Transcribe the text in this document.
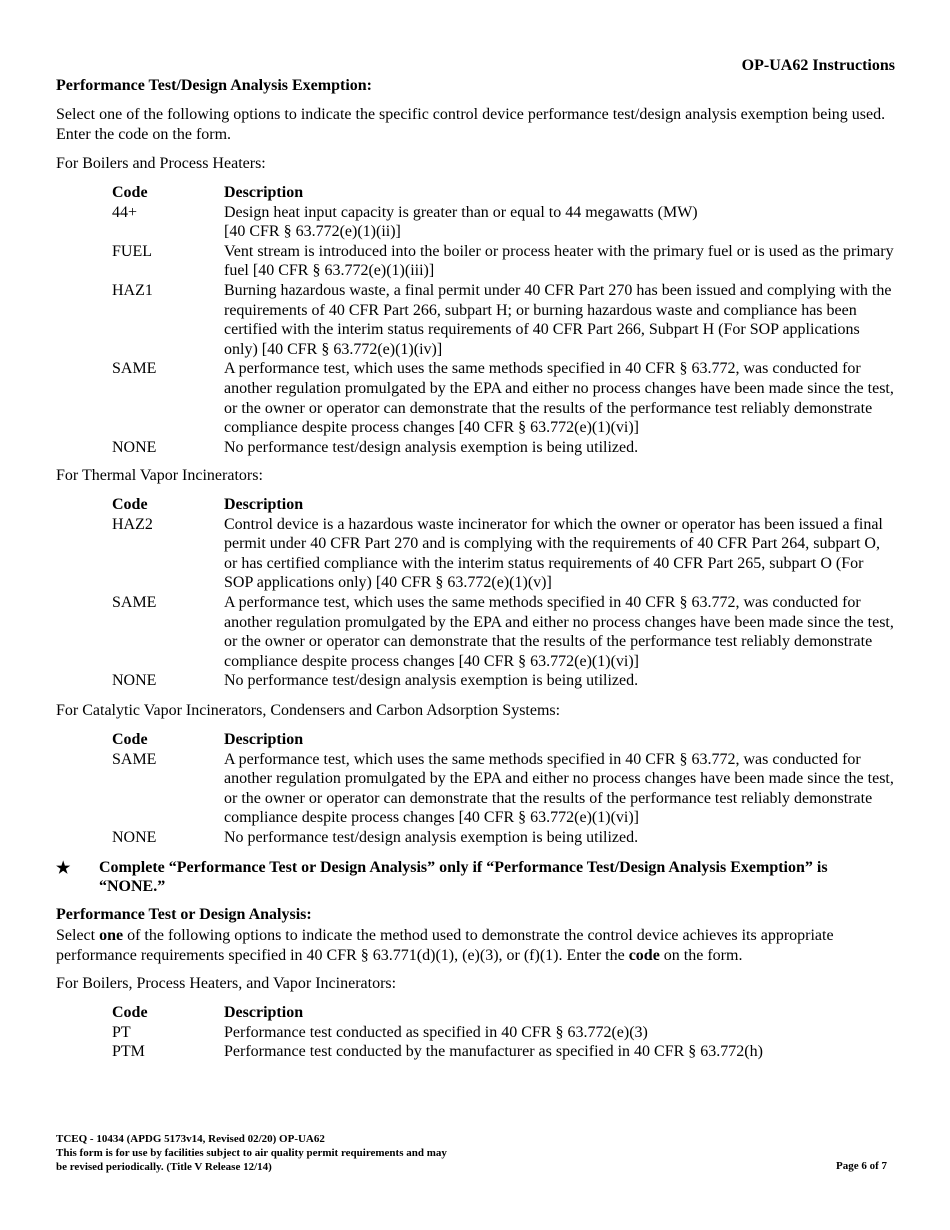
OP-UA62 Instructions
Performance Test/Design Analysis Exemption:

Select one of the following options to indicate the specific control device performance test/design analysis exemption being used. Enter the code on the form.

For Boilers and Process Heaters:
Code	Description
44+	Design heat input capacity is greater than or equal to 44 megawatts (MW)
[40 CFR § 63.772(e)(1)(ii)]
FUEL	Vent stream is introduced into the boiler or process heater with the primary fuel or is used as the primary fuel [40 CFR § 63.772(e)(1)(iii)]
HAZ1	Burning hazardous waste, a final permit under 40 CFR Part 270 has been issued and complying with the requirements of 40 CFR Part 266, subpart H; or burning hazardous waste and compliance has been certified with the interim status requirements of 40 CFR Part 266, Subpart H (For SOP applications only) [40 CFR § 63.772(e)(1)(iv)]
SAME	A performance test, which uses the same methods specified in 40 CFR § 63.772, was conducted for another regulation promulgated by the EPA and either no process changes have been made since the test, or the owner or operator can demonstrate that the results of the performance test reliably demonstrate compliance despite process changes [40 CFR § 63.772(e)(1)(vi)]
NONE	No performance test/design analysis exemption is being utilized.
For Thermal Vapor Incinerators:
Code	Description
HAZ2	Control device is a hazardous waste incinerator for which the owner or operator has been issued a final permit under 40 CFR Part 270 and is complying with the requirements of 40 CFR Part 264, subpart O, or has certified compliance with the interim status requirements of 40 CFR Part 265, subpart O (For SOP applications only) [40 CFR § 63.772(e)(1)(v)]
SAME	A performance test, which uses the same methods specified in 40 CFR § 63.772, was conducted for another regulation promulgated by the EPA and either no process changes have been made since the test, or the owner or operator can demonstrate that the results of the performance test reliably demonstrate compliance despite process changes [40 CFR § 63.772(e)(1)(vi)]
NONE	No performance test/design analysis exemption is being utilized.
For Catalytic Vapor Incinerators, Condensers and Carbon Adsorption Systems:
Code	Description
SAME	A performance test, which uses the same methods specified in 40 CFR § 63.772, was conducted for another regulation promulgated by the EPA and either no process changes have been made since the test, or the owner or operator can demonstrate that the results of the performance test reliably demonstrate compliance despite process changes [40 CFR § 63.772(e)(1)(vi)]
NONE	No performance test/design analysis exemption is being utilized.
★ Complete “Performance Test or Design Analysis” only if “Performance Test/Design Analysis Exemption” is “NONE.”
Performance Test or Design Analysis:

Select one of the following options to indicate the method used to demonstrate the control device achieves its appropriate performance requirements specified in 40 CFR § 63.771(d)(1), (e)(3), or (f)(1). Enter the code on the form.

For Boilers, Process Heaters, and Vapor Incinerators:
Code	Description
PT	Performance test conducted as specified in 40 CFR § 63.772(e)(3)
PTM	Performance test conducted by the manufacturer as specified in 40 CFR § 63.772(h)
TCEQ - 10434 (APDG 5173v14, Revised 02/20) OP-UA62
This form is for use by facilities subject to air quality permit requirements and may
be revised periodically. (Title V Release 12/14)	Page 6 of 7
